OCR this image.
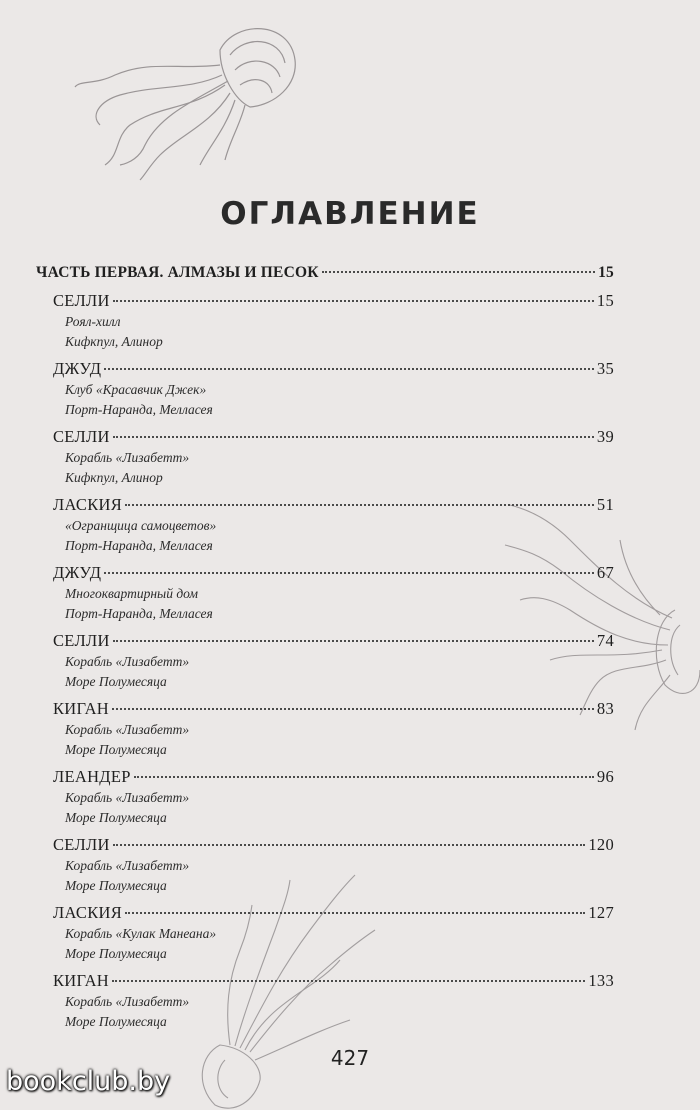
ОГЛАВЛЕНИЕ
ЧАСТЬ ПЕРВАЯ. АЛМАЗЫ И ПЕСОК	15
СЕЛЛИ	15
Роял-хилл
Кифкпул, Алинор
ДЖУД	35
Клуб «Красавчик Джек»
Порт-Наранда, Мелласея
СЕЛЛИ	39
Корабль «Лизабетт»
Кифкпул, Алинор
ЛАСКИЯ	51
«Огранщица самоцветов»
Порт-Наранда, Мелласея
ДЖУД	67
Многоквартирный дом
Порт-Наранда, Мелласея
СЕЛЛИ	74
Корабль «Лизабетт»
Море Полумесяца
КИГАН	83
Корабль «Лизабетт»
Море Полумесяца
ЛЕАНДЕР	96
Корабль «Лизабетт»
Море Полумесяца
СЕЛЛИ	120
Корабль «Лизабетт»
Море Полумесяца
ЛАСКИЯ	127
Корабль «Кулак Манеана»
Море Полумесяца
КИГАН	133
Корабль «Лизабетт»
Море Полумесяца
427
bookclub.by
